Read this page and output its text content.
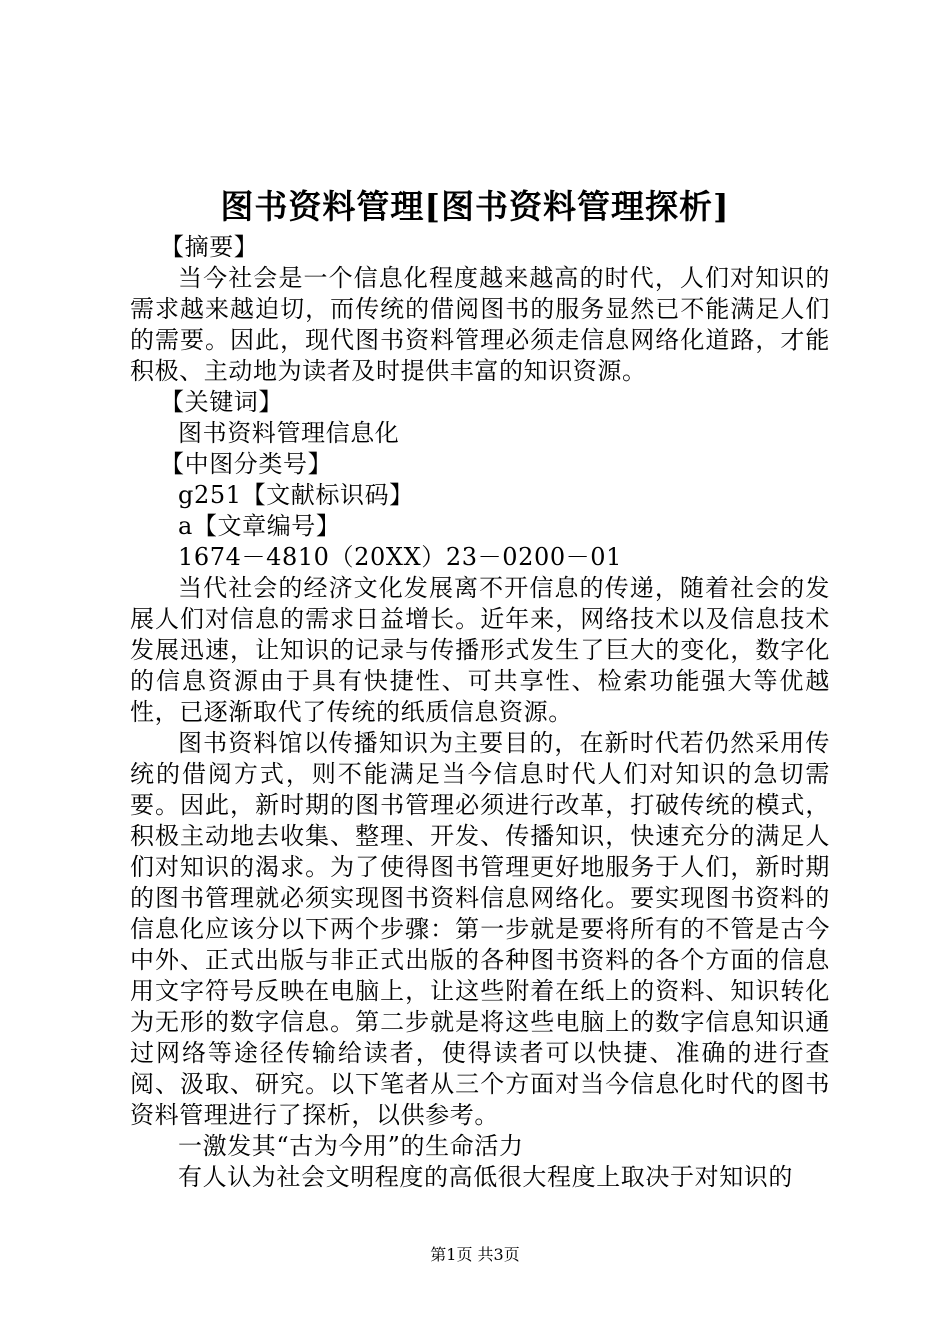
图书资料管理[图书资料管理探析]

【摘要】

当今社会是一个信息化程度越来越高的时代，人们对知识的需求越来越迫切，而传统的借阅图书的服务显然已不能满足人们的需要。因此，现代图书资料管理必须走信息网络化道路，才能积极、主动地为读者及时提供丰富的知识资源。

【关键词】

图书资料管理信息化

【中图分类号】

g251【文献标识码】

a【文章编号】

1674－4810（20XX）23－0200－01

当代社会的经济文化发展离不开信息的传递，随着社会的发展人们对信息的需求日益增长。近年来，网络技术以及信息技术发展迅速，让知识的记录与传播形式发生了巨大的变化，数字化的信息资源由于具有快捷性、可共享性、检索功能强大等优越性，已逐渐取代了传统的纸质信息资源。

图书资料馆以传播知识为主要目的，在新时代若仍然采用传统的借阅方式，则不能满足当今信息时代人们对知识的急切需要。因此，新时期的图书管理必须进行改革，打破传统的模式，积极主动地去收集、整理、开发、传播知识，快速充分的满足人们对知识的渴求。为了使得图书管理更好地服务于人们，新时期的图书管理就必须实现图书资料信息网络化。要实现图书资料的信息化应该分以下两个步骤：第一步就是要将所有的不管是古今中外、正式出版与非正式出版的各种图书资料的各个方面的信息用文字符号反映在电脑上，让这些附着在纸上的资料、知识转化为无形的数字信息。第二步就是将这些电脑上的数字信息知识通过网络等途径传输给读者，使得读者可以快捷、准确的进行查阅、汲取、研究。以下笔者从三个方面对当今信息化时代的图书资料管理进行了探析，以供参考。

一激发其“古为今用”的生命活力

有人认为社会文明程度的高低很大程度上取决于对知识的

第1页 共3页
